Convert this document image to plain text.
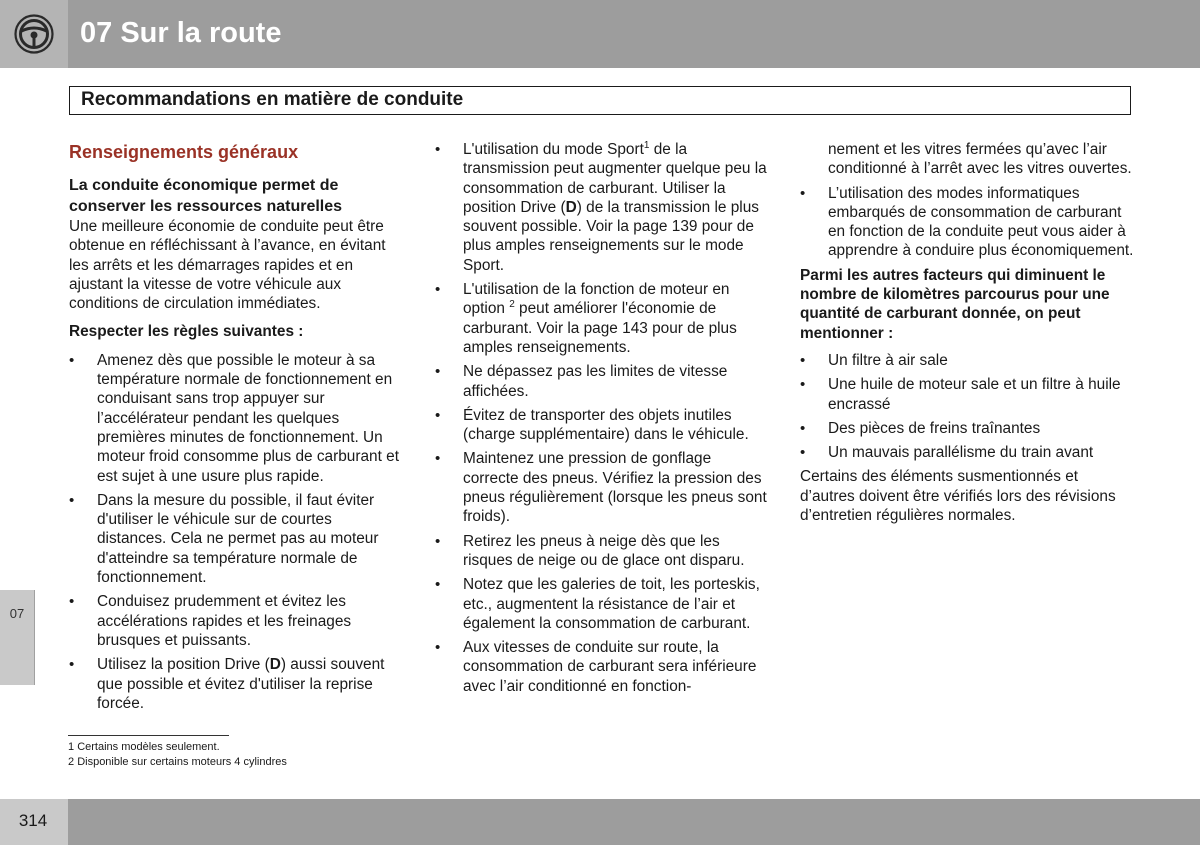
07 Sur la route
Recommandations en matière de conduite
07
Renseignements généraux

La conduite économique permet de conserver les ressources naturelles

Une meilleure économie de conduite peut être obtenue en réfléchissant à l’avance, en évitant les arrêts et les démarrages rapides et en ajustant la vitesse de votre véhicule aux conditions de circulation immédiates.

Respecter les règles suivantes :

• Amenez dès que possible le moteur à sa température normale de fonctionnement en conduisant sans trop appuyer sur l’accélérateur pendant les quelques premières minutes de fonctionnement. Un moteur froid consomme plus de carburant et est sujet à une usure plus rapide.
• Dans la mesure du possible, il faut éviter d'utiliser le véhicule sur de courtes distances. Cela ne permet pas au moteur d'atteindre sa température normale de fonctionnement.
• Conduisez prudemment et évitez les accélérations rapides et les freinages brusques et puissants.
• Utilisez la position Drive (D) aussi souvent que possible et évitez d'utiliser la reprise forcée.
• L'utilisation du mode Sport$^1$ de la transmission peut augmenter quelque peu la consommation de carburant. Utiliser la position Drive (D) de la transmission le plus souvent possible. Voir la page 139 pour de plus amples renseignements sur le mode Sport.
• L'utilisation de la fonction de moteur en option $^2$ peut améliorer l'économie de carburant. Voir la page 143 pour de plus amples renseignements.
• Ne dépassez pas les limites de vitesse affichées.
• Évitez de transporter des objets inutiles (charge supplémentaire) dans le véhicule.
• Maintenez une pression de gonflage correcte des pneus. Vérifiez la pression des pneus régulièrement (lorsque les pneus sont froids).
• Retirez les pneus à neige dès que les risques de neige ou de glace ont disparu.
• Notez que les galeries de toit, les porteskis, etc., augmentent la résistance de l’air et également la consommation de carburant.
• Aux vitesses de conduite sur route, la consommation de carburant sera inférieure avec l’air conditionné en fonction-
nement et les vitres fermées qu’avec l’air conditionné à l’arrêt avec les vitres ouvertes.
• L’utilisation des modes informatiques embarqués de consommation de carburant en fonction de la conduite peut vous aider à apprendre à conduire plus économiquement.

Parmi les autres facteurs qui diminuent le nombre de kilomètres parcourus pour une quantité de carburant donnée, on peut mentionner :

• Un filtre à air sale
• Une huile de moteur sale et un filtre à huile encrassé
• Des pièces de freins traînantes
• Un mauvais parallélisme du train avant

Certains des éléments susmentionnés et d’autres doivent être vérifiés lors des révisions d’entretien régulières normales.

1 Certains modèles seulement.
2 Disponible sur certains moteurs 4 cylindres
314
